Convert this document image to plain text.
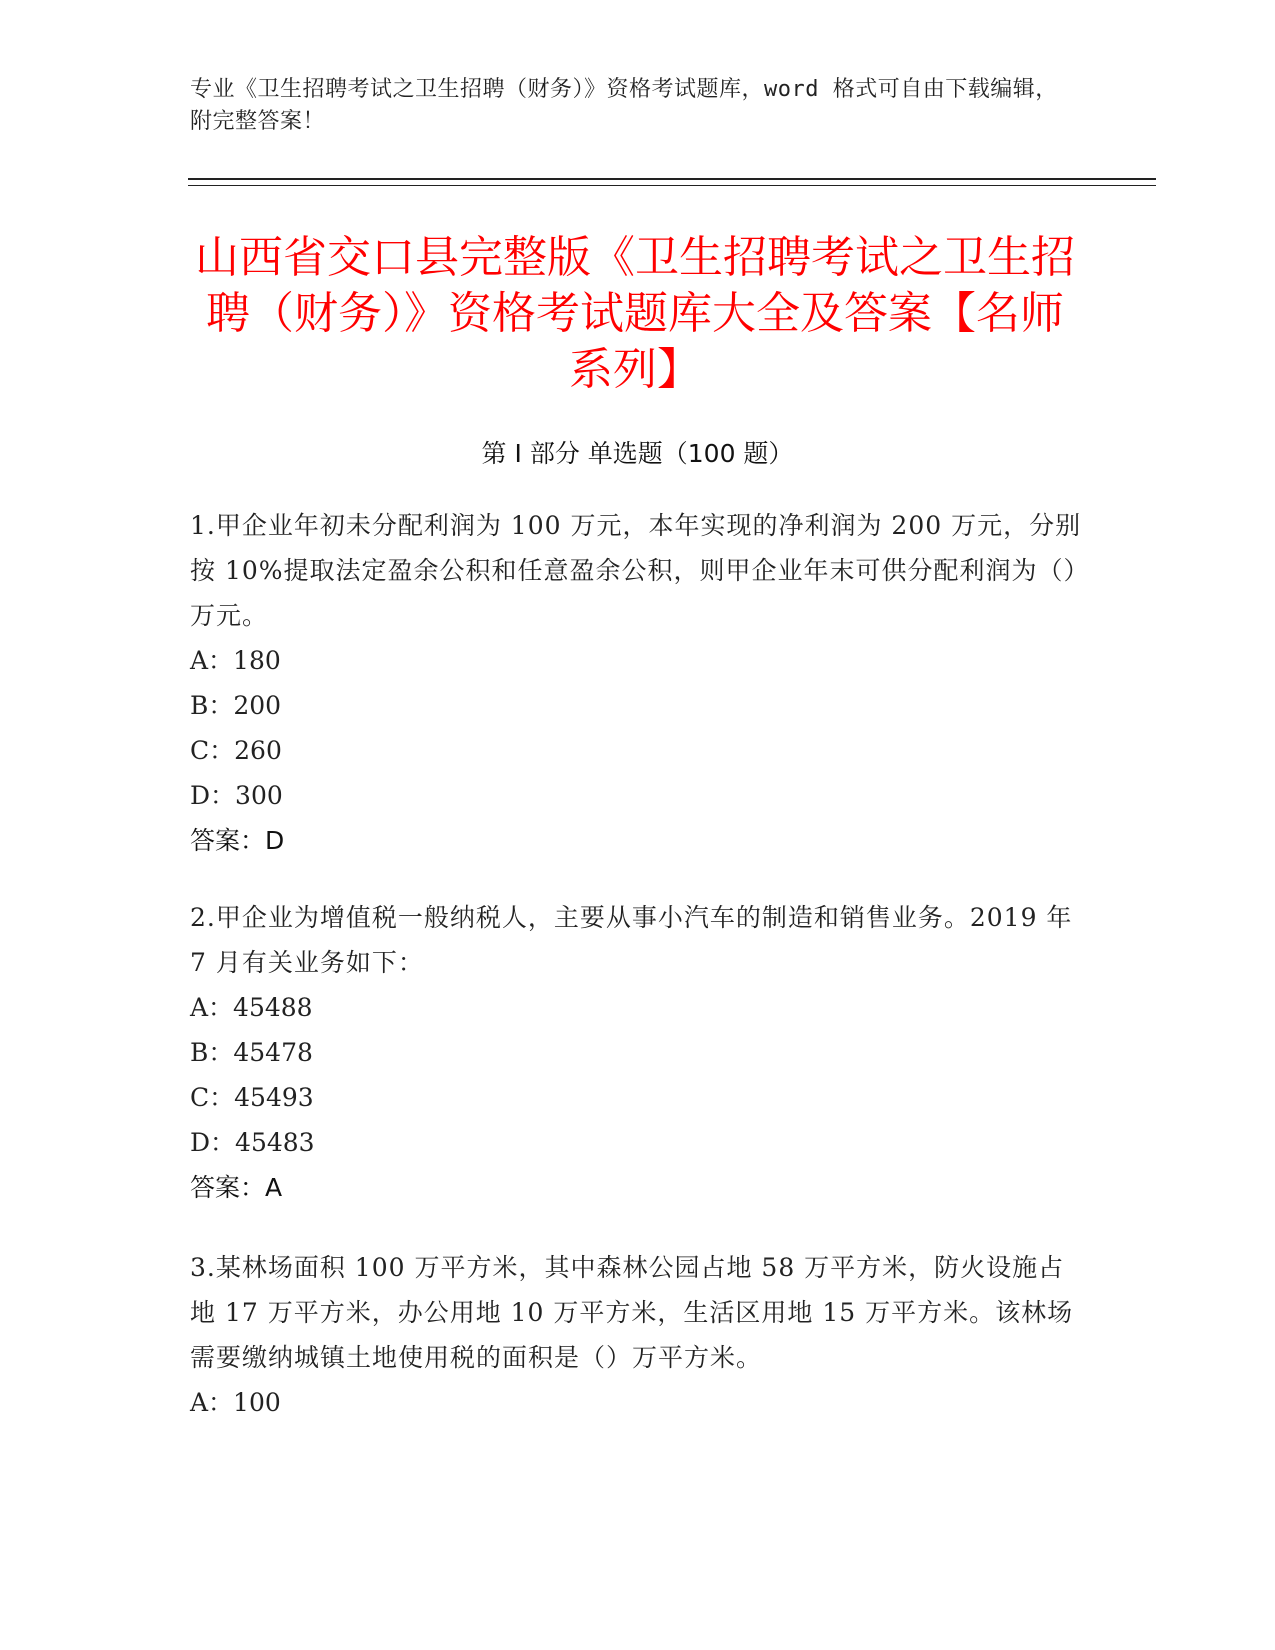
专业《卫生招聘考试之卫生招聘（财务）》资格考试题库，word 格式可自由下载编辑，附完整答案！
山西省交口县完整版《卫生招聘考试之卫生招聘（财务）》资格考试题库大全及答案【名师系列】
第 I 部分 单选题（100 题）
1.甲企业年初未分配利润为 100 万元，本年实现的净利润为 200 万元，分别按 10%提取法定盈余公积和任意盈余公积，则甲企业年末可供分配利润为（）万元。
A：180
B：200
C：260
D：300
答案：D
2.甲企业为增值税一般纳税人，主要从事小汽车的制造和销售业务。2019 年 7 月有关业务如下：
A：45488
B：45478
C：45493
D：45483
答案：A
3.某林场面积 100 万平方米，其中森林公园占地 58 万平方米，防火设施占地 17 万平方米，办公用地 10 万平方米，生活区用地 15 万平方米。该林场需要缴纳城镇土地使用税的面积是（）万平方米。
A：100
